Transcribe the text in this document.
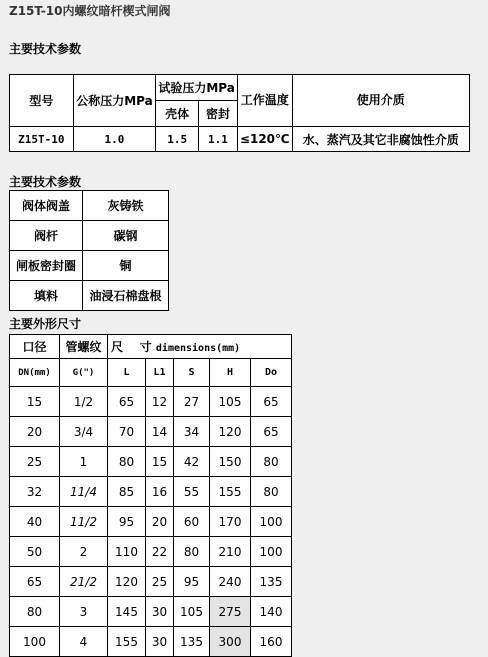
Z15T-10内螺纹暗杆楔式闸阀
主要技术参数
型号	公称压力MPa	试验压力MPa		工作温度	使用介质
		壳体	密封		
Z15T-10	1.0	1.5	1.1	≤120℃	水、蒸汽及其它非腐蚀性介质
主要技术参数
阀体阀盖	灰铸铁
阀杆	碳钢
闸板密封圈	铜
填料	油浸石棉盘根
主要外形尺寸
口径	管螺纹	尺    寸 dimensions(mm)				
DN(mm)	G(")	L	L1	S	H	Do
15	1/2	65	12	27	105	65
20	3/4	70	14	34	120	65
25	1	80	15	42	150	80
32	11/4	85	16	55	155	80
40	11/2	95	20	60	170	100
50	2	110	22	80	210	100
65	21/2	120	25	95	240	135
80	3	145	30	105	275	140
100	4	155	30	135	300	160
